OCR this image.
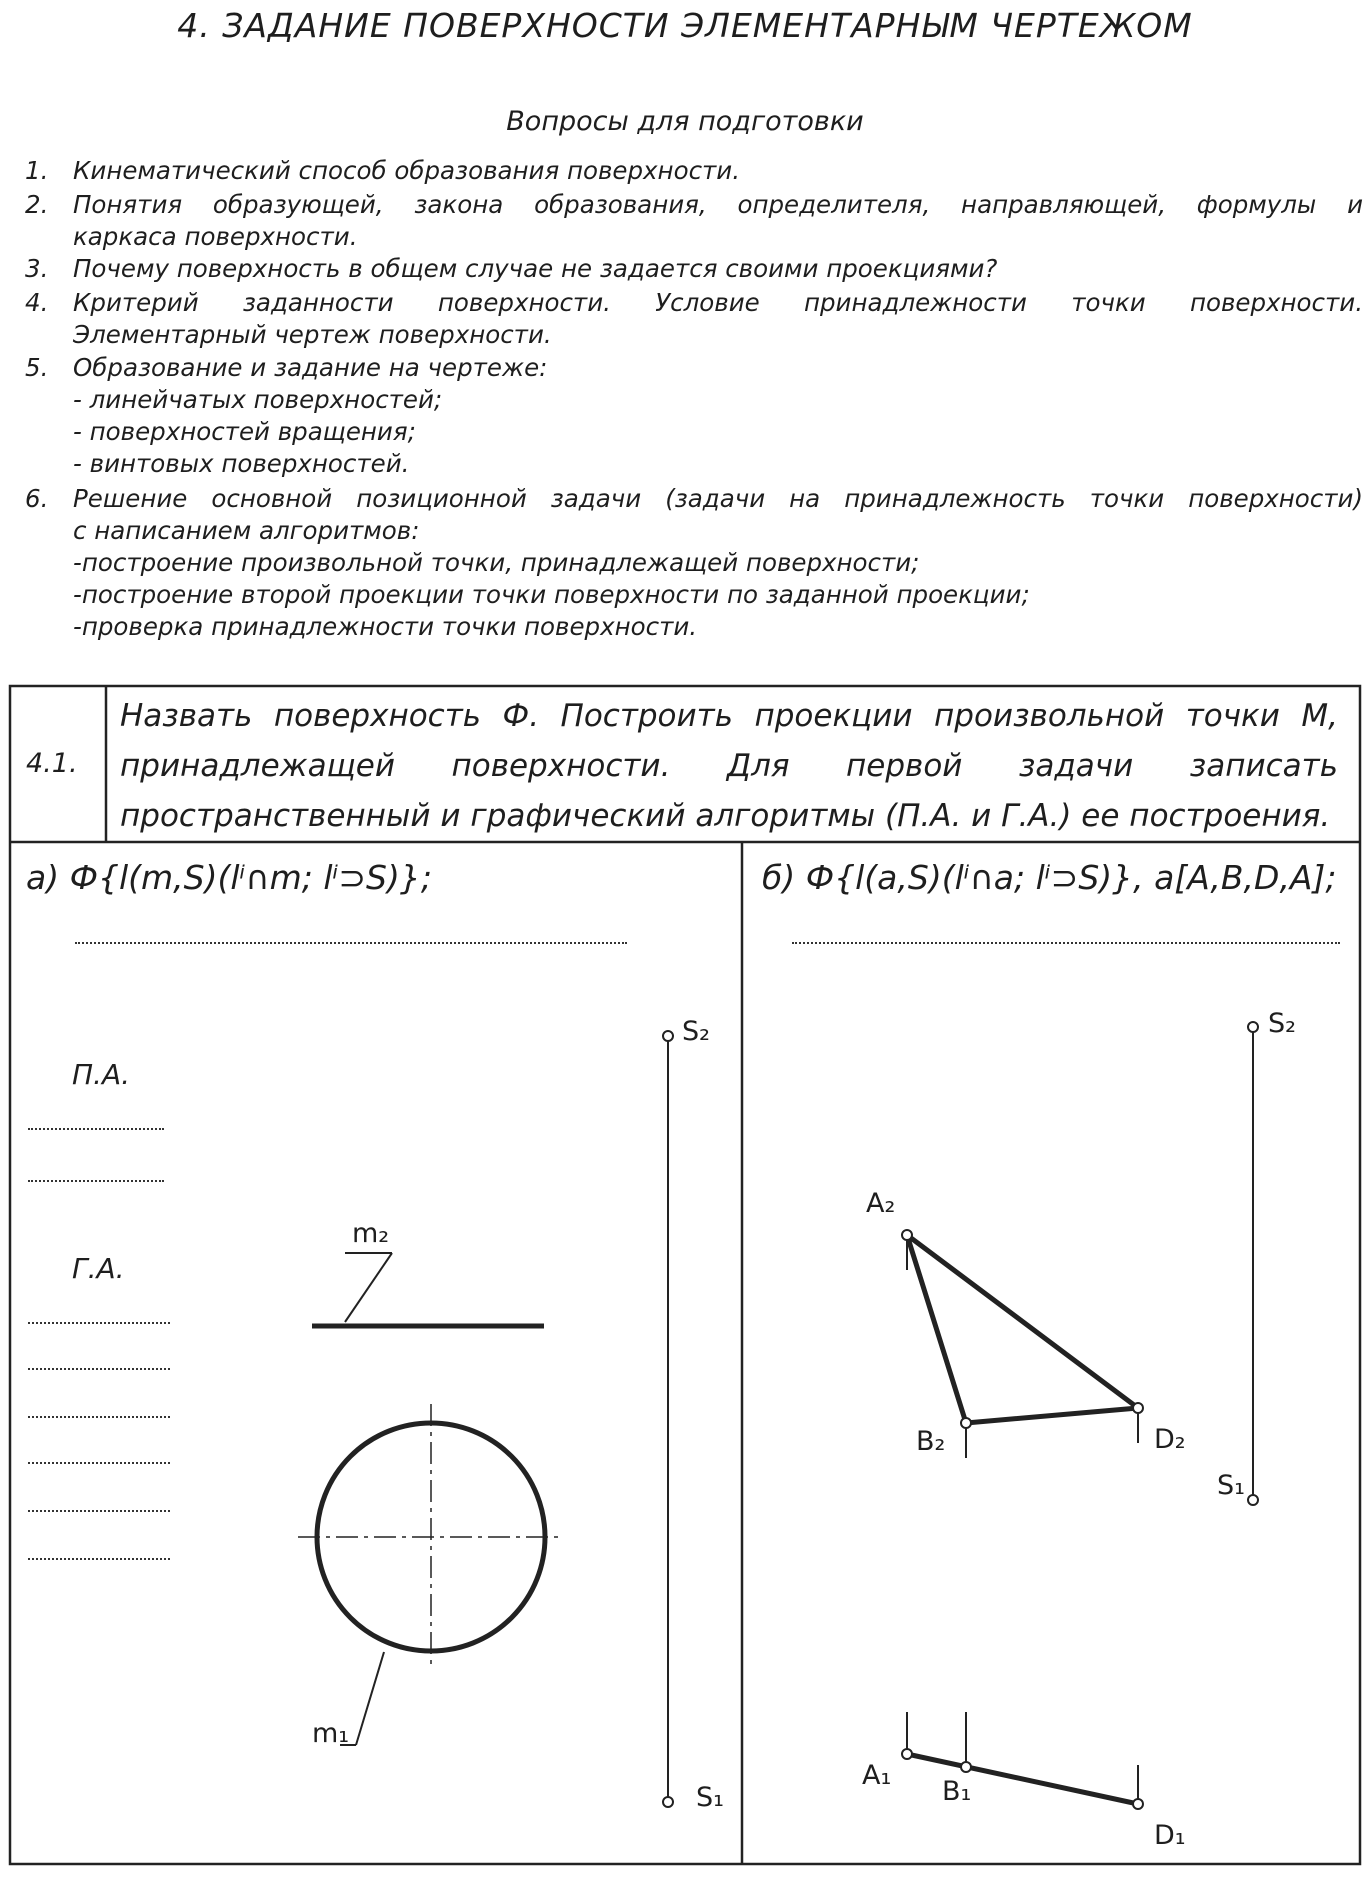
4. ЗАДАНИЕ ПОВЕРХНОСТИ ЭЛЕМЕНТАРНЫМ ЧЕРТЕЖОМ
Вопросы для подготовки
1. Кинематический способ образования поверхности.
2. Понятия образующей, закона образования, определителя, направляющей, формулы и
каркаса поверхности.
3. Почему поверхность в общем случае не задается своими проекциями?
4. Критерий заданности поверхности. Условие принадлежности точки поверхности.
Элементарный чертеж поверхности.
5. Образование и задание на чертеже:
- линейчатых поверхностей;
- поверхностей вращения;
- винтовых поверхностей.
6. Решение основной позиционной задачи (задачи на принадлежность точки поверхности)
с написанием алгоритмов:
-построение произвольной точки, принадлежащей поверхности;
-построение второй проекции точки поверхности по заданной проекции;
-проверка принадлежности точки поверхности.
4.1.
Назвать поверхность Ф. Построить проекции произвольной точки М,
принадлежащей поверхности. Для первой задачи записать
пространственный и графический алгоритмы (П.А. и Г.А.) ее построения.
а) Ф{l(m,S)(lⁱ∩m; lⁱ⊃S)};
П.А.
Г.А.
S₂
S₁
m₂
m₁
б) Ф{l(a,S)(lⁱ∩a; lⁱ⊃S)}, a[A,B,D,A];
S₂
S₁
A₂
B₂	D₂
A₁
B₁
D₁
